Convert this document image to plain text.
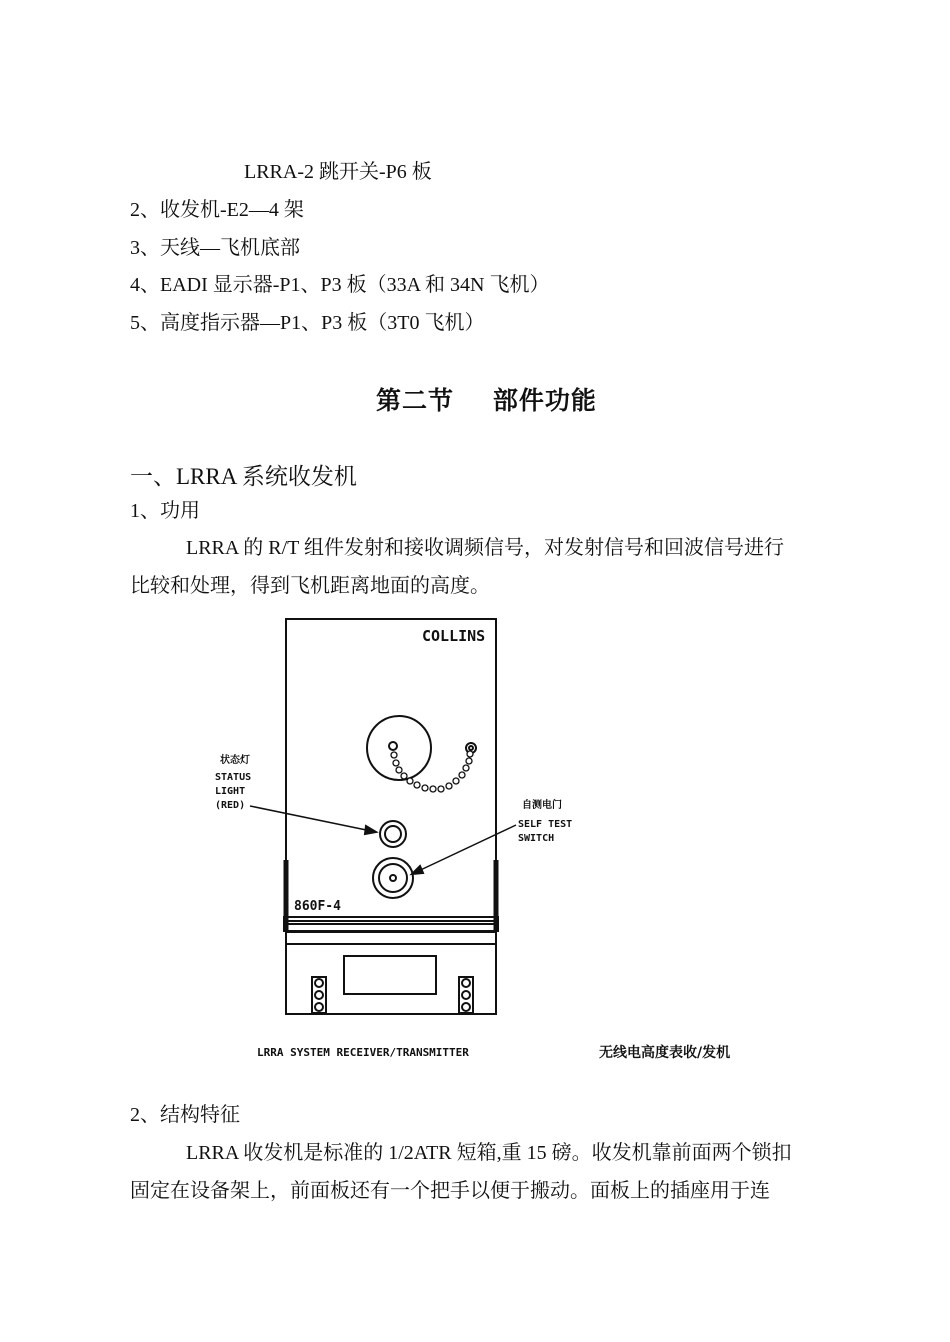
LRRA-2 跳开关-P6 板
2、收发机-E2—4 架
3、天线—飞机底部
4、EADI 显示器-P1、P3 板（33A 和 34N 飞机）
5、高度指示器—P1、P3 板（3T0 飞机）
第二节    部件功能
一、LRRA 系统收发机
1、功用
LRRA 的 R/T 组件发射和接收调频信号，对发射信号和回波信号进行
比较和处理，得到飞机距离地面的高度。
COLLINS
860F-4
状态灯
STATUS
LIGHT
(RED)	自测电门
SELF TEST
SWITCH
LRRA SYSTEM RECEIVER/TRANSMITTER	无线电高度表收/发机
2、结构特征
LRRA 收发机是标准的 1/2ATR 短箱,重 15 磅。收发机靠前面两个锁扣
固定在设备架上，前面板还有一个把手以便于搬动。面板上的插座用于连
